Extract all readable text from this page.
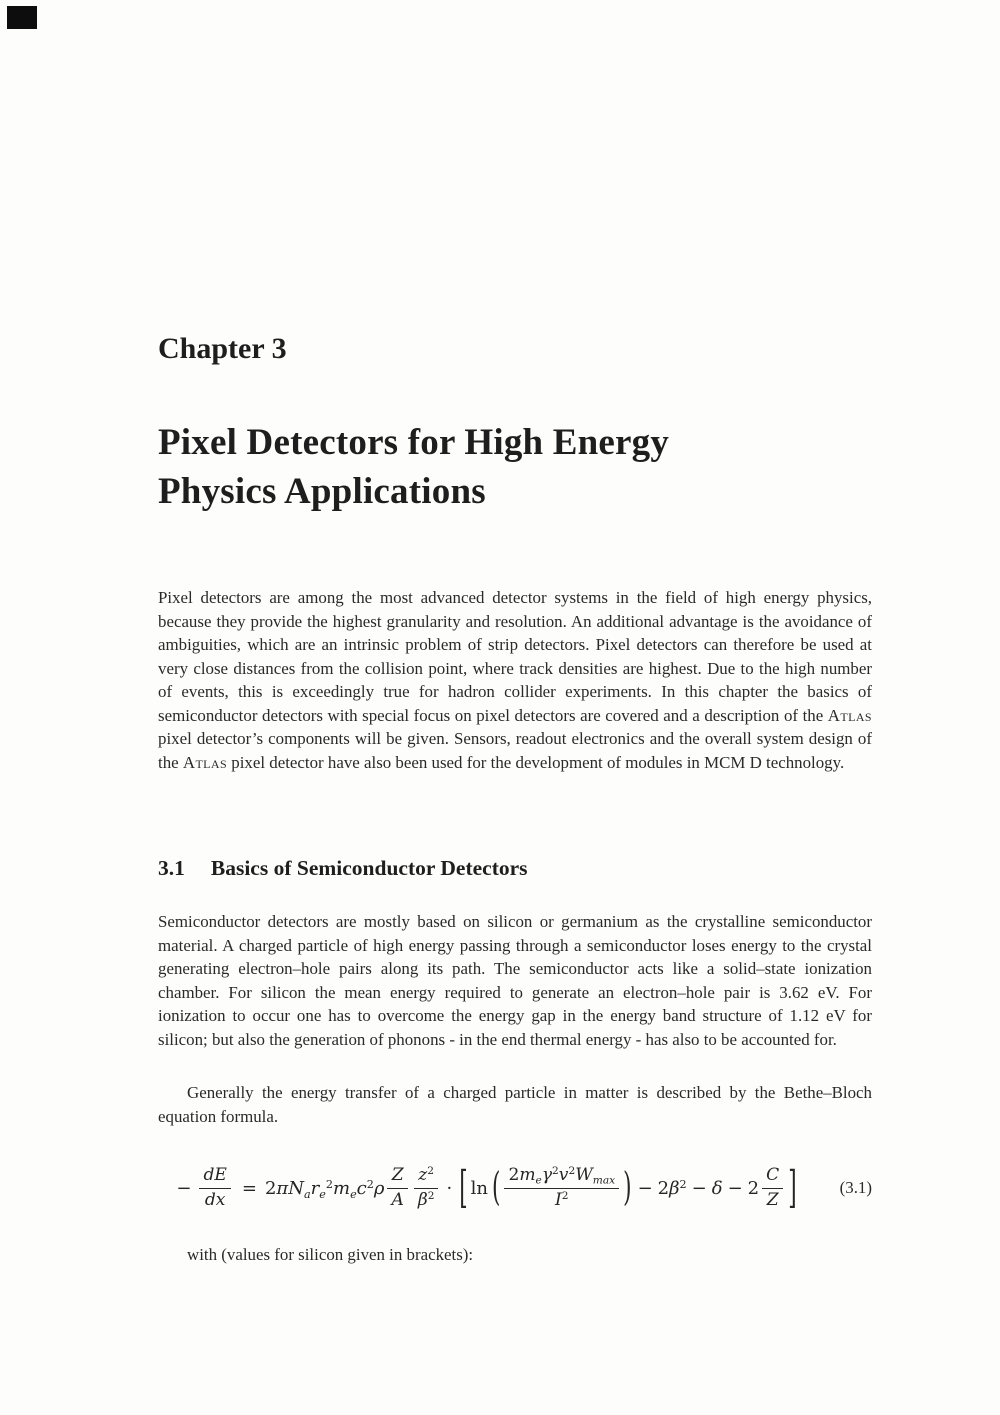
Chapter 3
Pixel Detectors for High Energy
Physics Applications

Pixel detectors are among the most advanced detector systems in the field of high energy physics, because they provide the highest granularity and resolution. An additional advantage is the avoidance of ambiguities, which are an intrinsic problem of strip detectors. Pixel detectors can therefore be used at very close distances from the collision point, where track densities are highest. Due to the high number of events, this is exceedingly true for hadron collider experiments. In this chapter the basics of semiconductor detectors with special focus on pixel detectors are covered and a description of the Atlas pixel detector’s components will be given. Sensors, readout electronics and the overall system design of the Atlas pixel detector have also been used for the development of modules in MCM D technology.

3.1 Basics of Semiconductor Detectors

Semiconductor detectors are mostly based on silicon or germanium as the crystalline semiconductor material. A charged particle of high energy passing through a semiconductor loses energy to the crystal generating electron–hole pairs along its path. The semiconductor acts like a solid–state ionization chamber. For silicon the mean energy required to generate an electron–hole pair is 3.62 eV. For ionization to occur one has to overcome the energy gap in the energy band structure of 1.12 eV for silicon; but also the generation of phonons - in the end thermal energy - has also to be accounted for.

Generally the energy transfer of a charged particle in matter is described by the Bethe–Bloch equation formula.

− $\frac{dE}{dx} = 2\pi N_ar_e^2m_ec^2\rho \frac{Z}{A} \frac{z^2}{\beta^2}$ · [ ln ( $\frac{2m_e\gamma^2v^2W_{max}}{I^2}$ ) − $2\beta^2 - \delta - 2 \frac{C}{Z}$ ]	(3.1)

with (values for silicon given in brackets):
